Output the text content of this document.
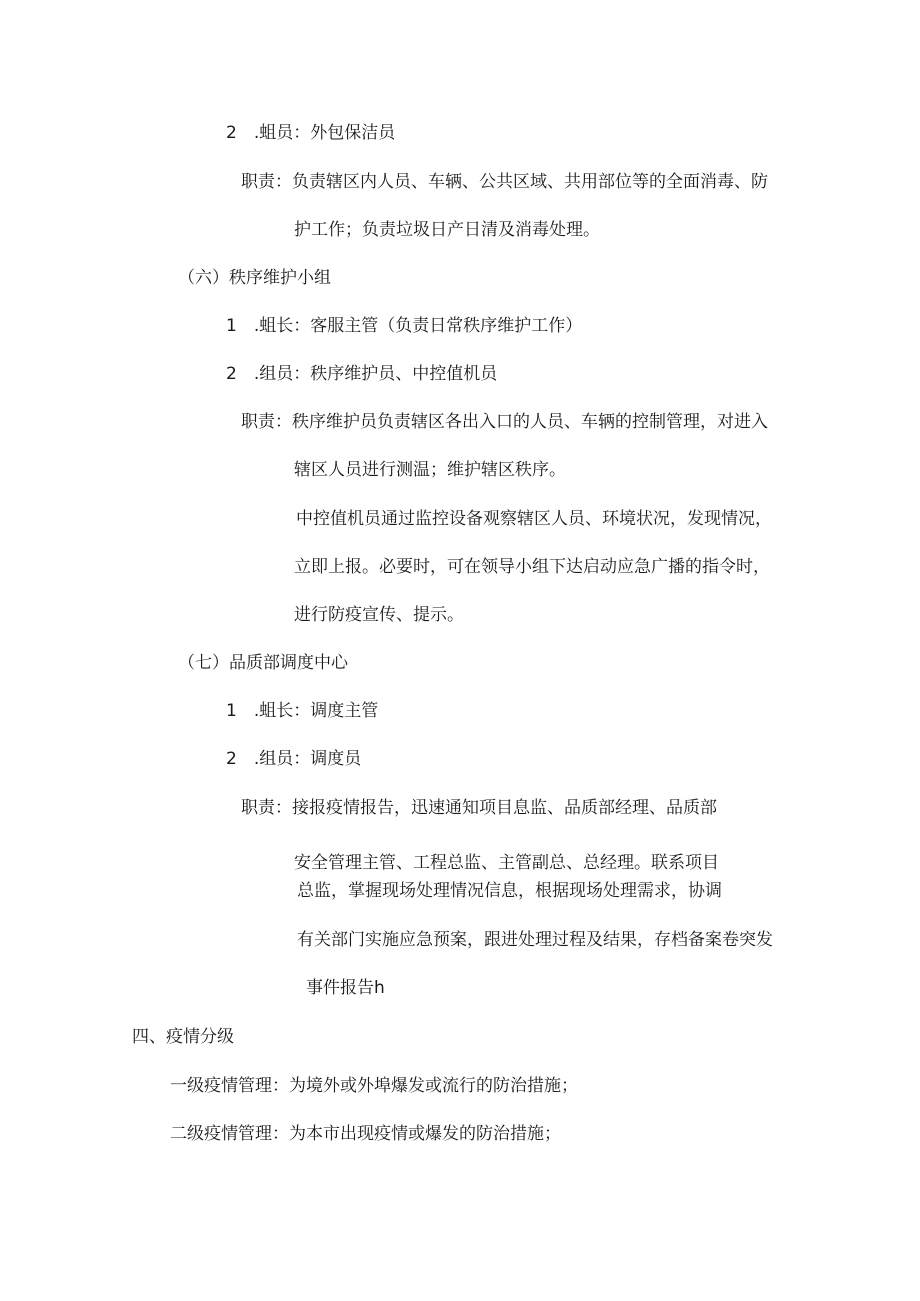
2　.蛆员：外包保洁员

职责：负责辖区内人员、车辆、公共区域、共用部位等的全面消毒、防

护工作；负责垃圾日产日清及消毒处理。

（六）秩序维护小组

1　.蛆长：客服主管（负责日常秩序维护工作）

2　.组员：秩序维护员、中控值机员

职责：秩序维护员负责辖区各出入口的人员、车辆的控制管理，对进入

辖区人员进行测温；维护辖区秩序。

中控值机员通过监控设备观察辖区人员、环境状况，发现情况，

立即上报。必要时，可在领导小组下达启动应急广播的指令时，

进行防疫宣传、提示。

（七）品质部调度中心

1　.蛆长：调度主管

2　.组员：调度员

职责：接报疫情报告，迅速通知项目息监、品质部经理、品质部

安全管理主管、工程总监、主管副总、总经理。联系项目

总监，掌握现场处理情况信息，根据现场处理需求，协调

有关部门实施应急预案，跟进处理过程及结果，存档备案卷突发

事件报告h

四、疫情分级

一级疫情管理：为境外或外埠爆发或流行的防治措施；

二级疫情管理：为本市出现疫情或爆发的防治措施；
